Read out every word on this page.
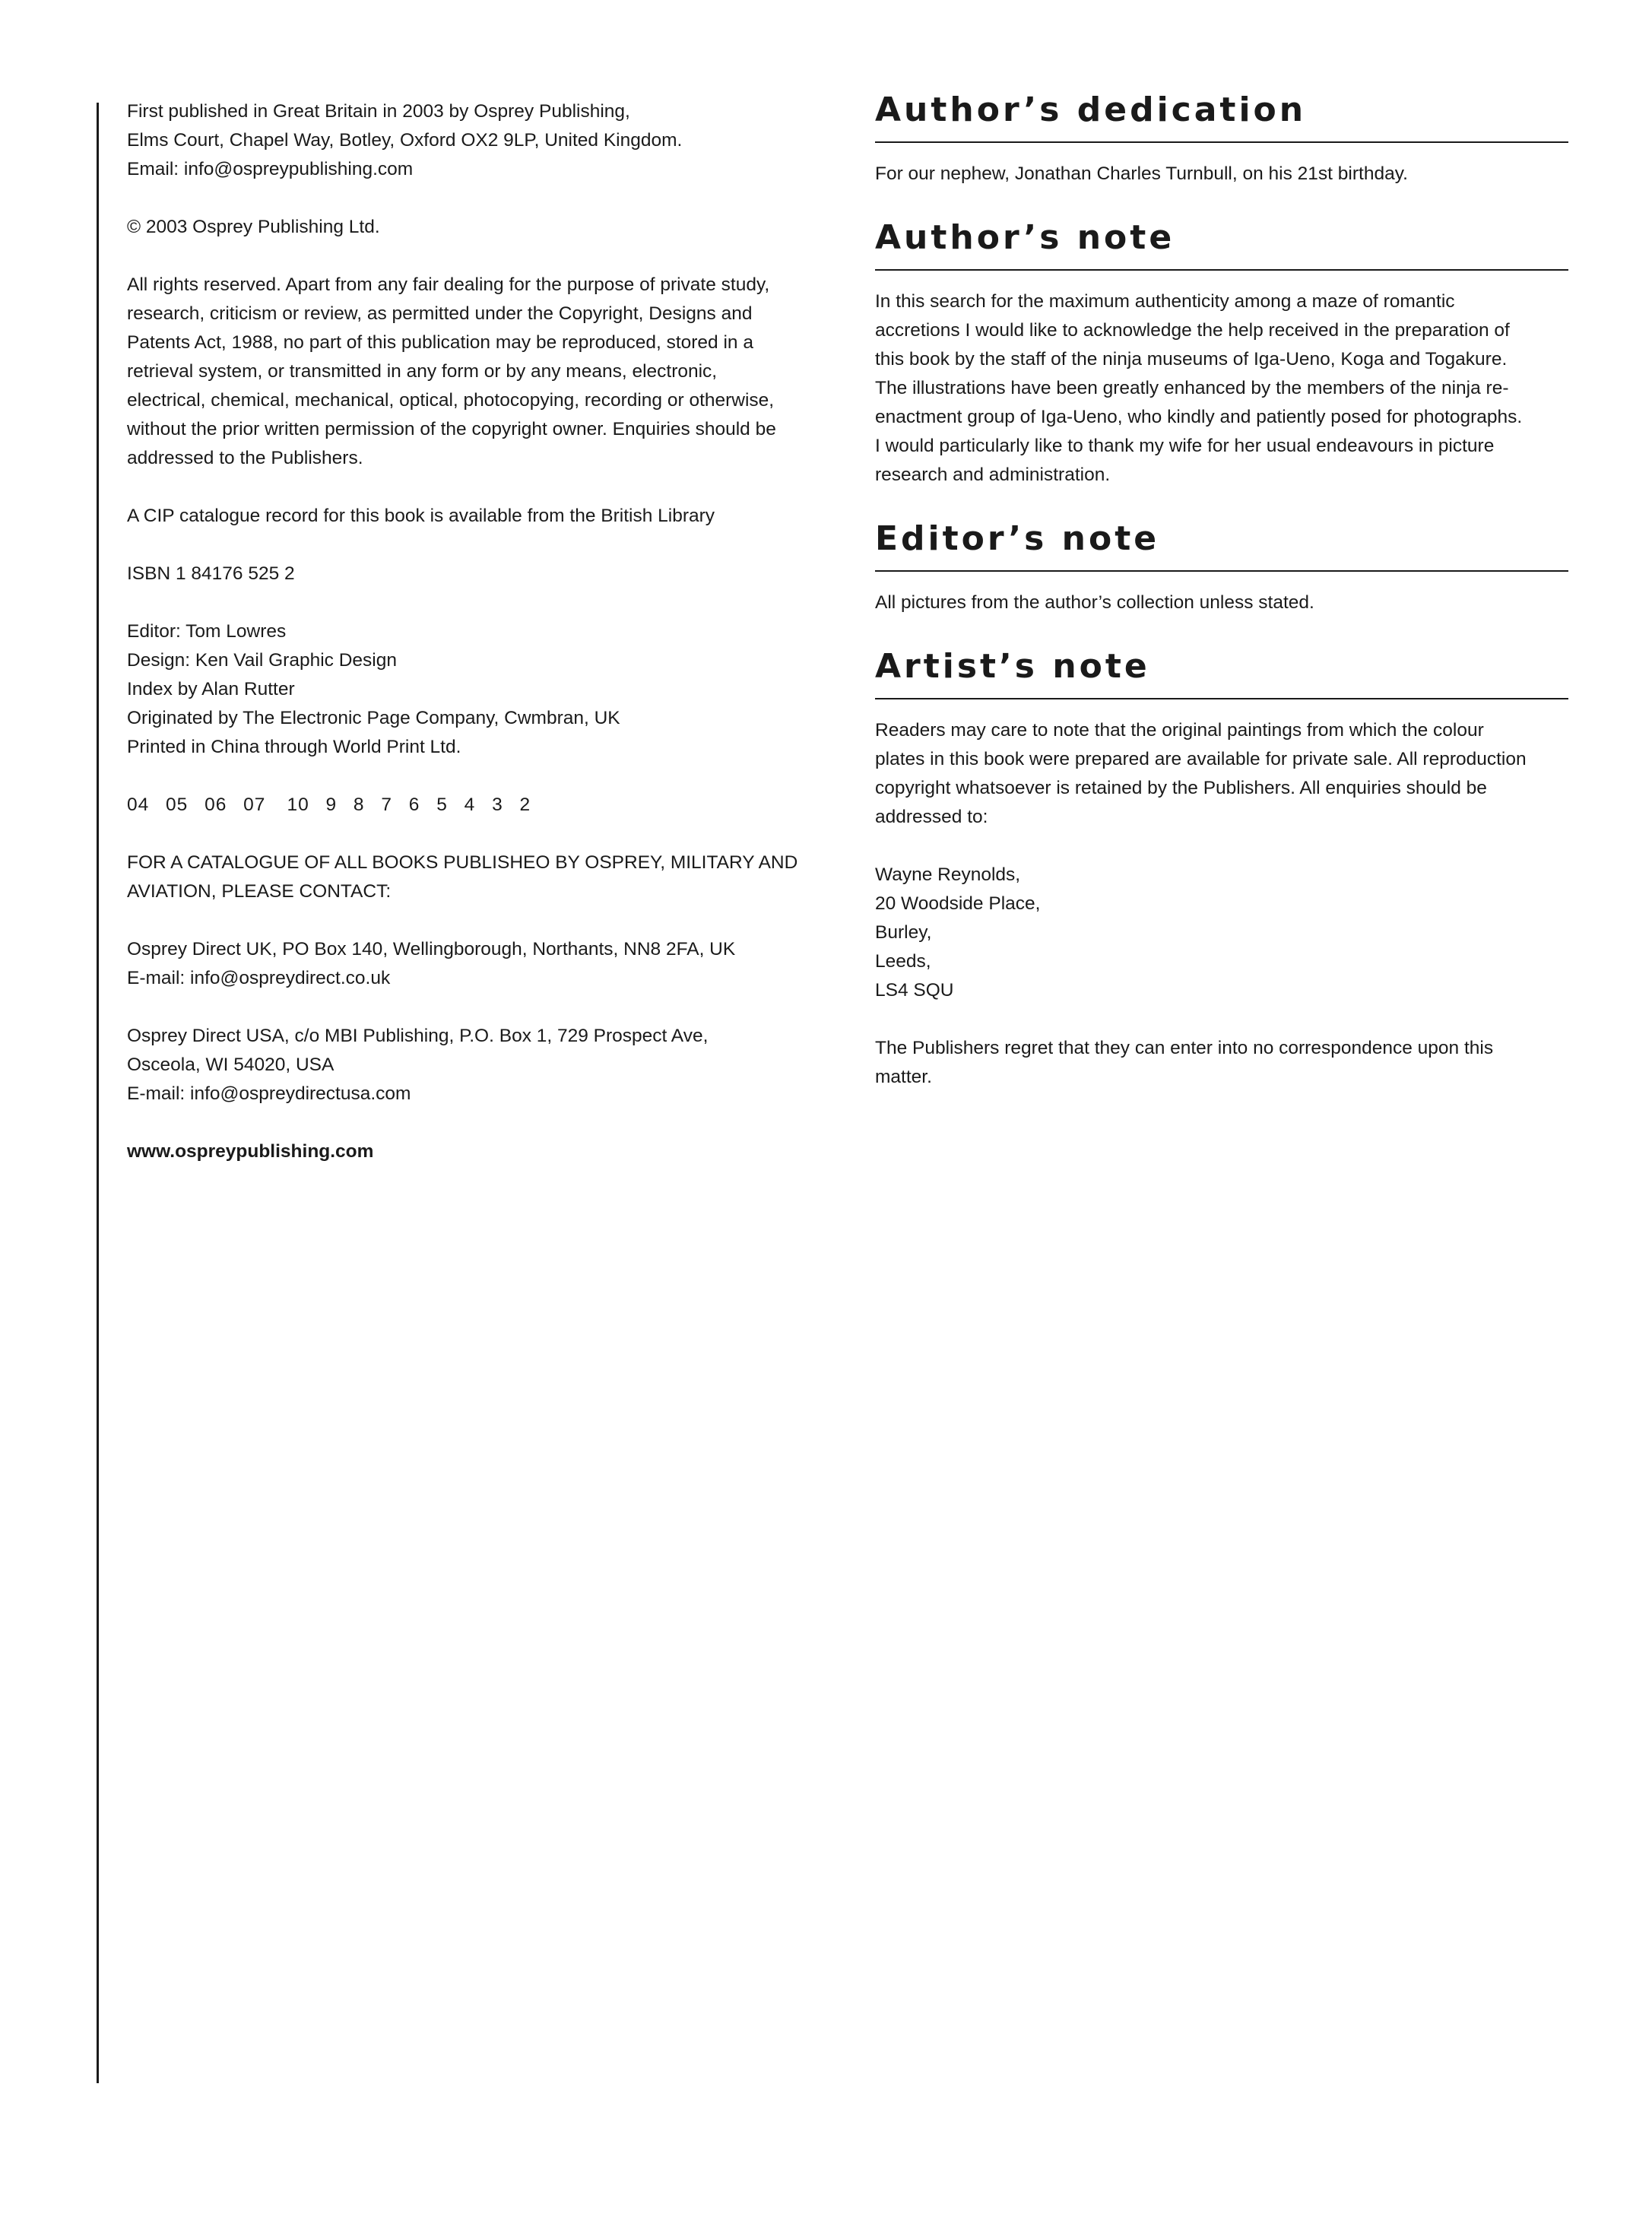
First published in Great Britain in 2003 by Osprey Publishing,
Elms Court, Chapel Way, Botley, Oxford OX2 9LP, United Kingdom.
Email: info@ospreypublishing.com

© 2003 Osprey Publishing Ltd.

All rights reserved. Apart from any fair dealing for the purpose of private study,
research, criticism or review, as permitted under the Copyright, Designs and
Patents Act, 1988, no part of this publication may be reproduced, stored in a
retrieval system, or transmitted in any form or by any means, electronic,
electrical, chemical, mechanical, optical, photocopying, recording or otherwise,
without the prior written permission of the copyright owner. Enquiries should be
addressed to the Publishers.

A CIP catalogue record for this book is available from the British Library

ISBN 1 84176 525 2

Editor: Tom Lowres
Design: Ken Vail Graphic Design
Index by Alan Rutter
Originated by The Electronic Page Company, Cwmbran, UK
Printed in China through World Print Ltd.

04 05 06 07 10 9 8 7 6 5 4 3 2

FOR A CATALOGUE OF ALL BOOKS PUBLISHEO BY OSPREY, MILITARY AND
AVIATION, PLEASE CONTACT:

Osprey Direct UK, PO Box 140, Wellingborough, Northants, NN8 2FA, UK
E-mail: info@ospreydirect.co.uk

Osprey Direct USA, c/o MBI Publishing, P.O. Box 1, 729 Prospect Ave,
Osceola, WI 54020, USA
E-mail: info@ospreydirectusa.com

www.ospreypublishing.com

Author’s dedication

For our nephew, Jonathan Charles Turnbull, on his 21st birthday.

Author’s note

In this search for the maximum authenticity among a maze of romantic
accretions I would like to acknowledge the help received in the preparation of
this book by the staff of the ninja museums of Iga-Ueno, Koga and Togakure.
The illustrations have been greatly enhanced by the members of the ninja re-
enactment group of Iga-Ueno, who kindly and patiently posed for photographs.
I would particularly like to thank my wife for her usual endeavours in picture
research and administration.

Editor’s note

All pictures from the author’s collection unless stated.

Artist’s note

Readers may care to note that the original paintings from which the colour
plates in this book were prepared are available for private sale. All reproduction
copyright whatsoever is retained by the Publishers. All enquiries should be
addressed to:

Wayne Reynolds,
20 Woodside Place,
Burley,
Leeds,
LS4 SQU

The Publishers regret that they can enter into no correspondence upon this
matter.
